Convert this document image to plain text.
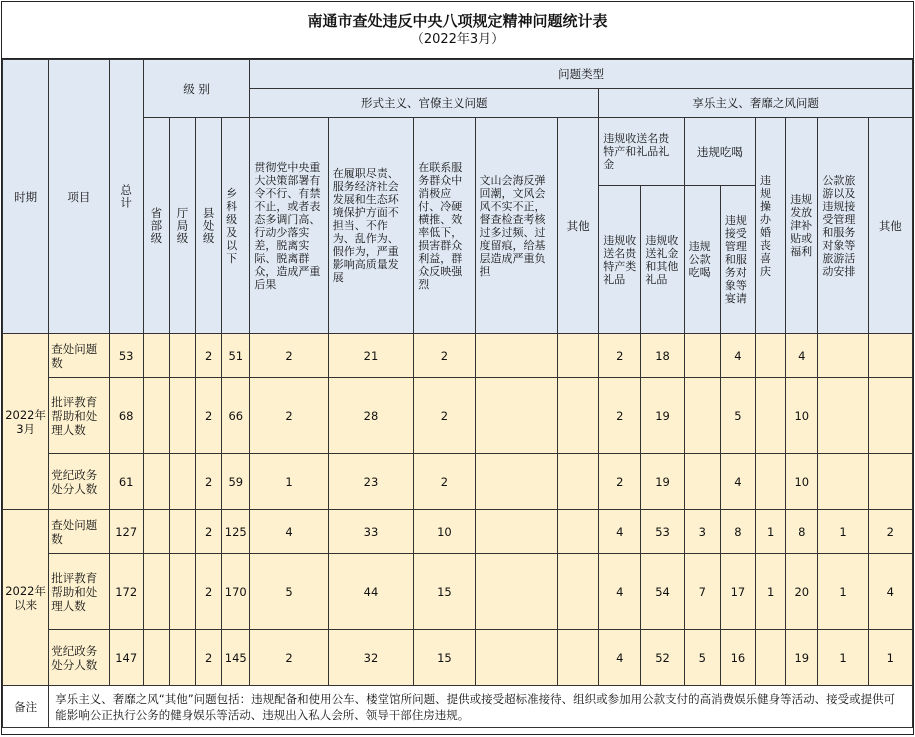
南通市查处违反中央八项规定精神问题统计表
（2022年3月）
时期	项目	总计	级 别				问题类型												
							形式主义、官僚主义问题					享乐主义、奢靡之风问题							

			省部级	厅局级	县处级	乡科级及以下	贯彻党中央重大决策部署有令不行、有禁不止，或者表态多调门高、行动少落实差，脱离实际、脱离群众，造成严重后果	在履职尽责、服务经济社会发展和生态环境保护方面不担当、不作为、乱作为、假作为，严重影响高质量发展	在联系服务群众中消极应付、冷硬横推、效率低下，损害群众利益，群众反映强烈	文山会海反弹回潮，文风会风不实不正，督查检查考核过多过频、过度留痕，给基层造成严重负担	其他	违规收送名贵特产和礼品礼金		违规吃喝		违规操办婚丧喜庆	违规发放津补贴或福利	公款旅游以及违规接受管理和服务对象等旅游活动安排	其他
												违规收送名贵特产类礼品	违规收送礼金和其他礼品	违规公款吃喝	违规接受管理和服务对象等宴请				
2022年3月	查处问题数	53			2	51	2	21	2			2	18		4		4		
	批评教育帮助和处理人数	68			2	66	2	28	2			2	19		5		10		
	党纪政务处分人数	61			2	59	1	23	2			2	19		4		10		
2022年以来	查处问题数	127			2	125	4	33	10			4	53	3	8	1	8	1	2
	批评教育帮助和处理人数	172			2	170	5	44	15			4	54	7	17	1	20	1	4
	党纪政务处分人数	147			2	145	2	32	15			4	52	5	16		19	1	1
备注	享乐主义、奢靡之风“其他”问题包括：违规配备和使用公车、楼堂馆所问题、提供或接受超标准接待、组织或参加用公款支付的高消费娱乐健身等活动、接受或提供可能影响公正执行公务的健身娱乐等活动、违规出入私人会所、领导干部住房违规。																		
